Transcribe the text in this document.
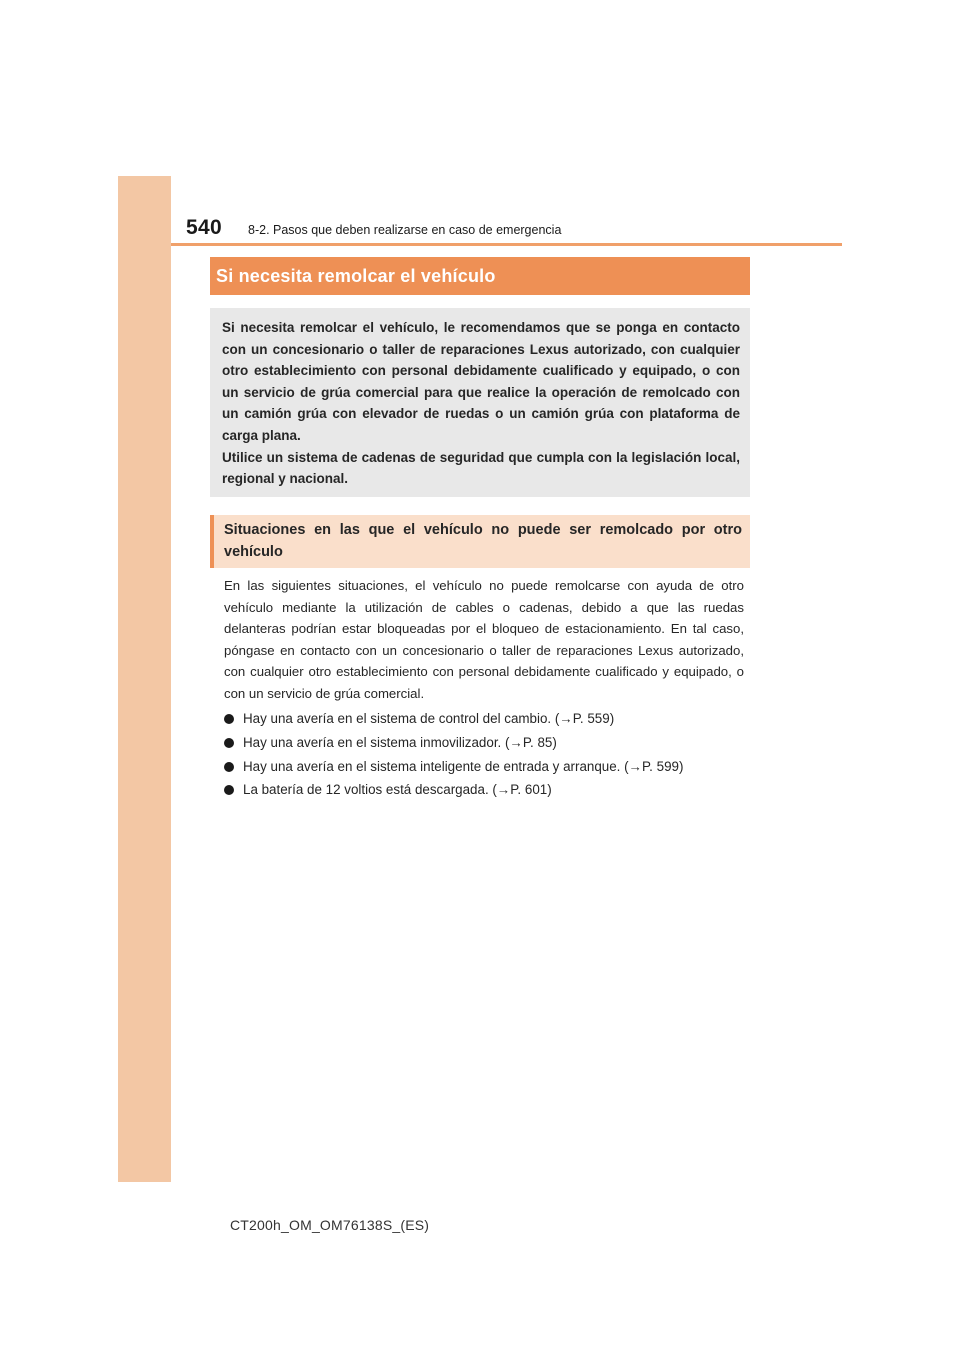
540 8-2. Pasos que deben realizarse en caso de emergencia
Si necesita remolcar el vehículo

Si necesita remolcar el vehículo, le recomendamos que se ponga en contacto con un concesionario o taller de reparaciones Lexus autorizado, con cualquier otro establecimiento con personal debidamente cualificado y equipado, o con un servicio de grúa comercial para que realice la operación de remolcado con un camión grúa con elevador de ruedas o un camión grúa con plataforma de carga plana.

Utilice un sistema de cadenas de seguridad que cumpla con la legislación local, regional y nacional.

Situaciones en las que el vehículo no puede ser remolcado por otro vehículo

En las siguientes situaciones, el vehículo no puede remolcarse con ayuda de otro vehículo mediante la utilización de cables o cadenas, debido a que las ruedas delanteras podrían estar bloqueadas por el bloqueo de estacionamiento. En tal caso, póngase en contacto con un concesionario o taller de reparaciones Lexus autorizado, con cualquier otro establecimiento con personal debidamente cualificado y equipado, o con un servicio de grúa comercial.

Hay una avería en el sistema de control del cambio. (→P. 559)
Hay una avería en el sistema inmovilizador. (→P. 85)
Hay una avería en el sistema inteligente de entrada y arranque. (→P. 599)
La batería de 12 voltios está descargada. (→P. 601)
CT200h_OM_OM76138S_(ES)
